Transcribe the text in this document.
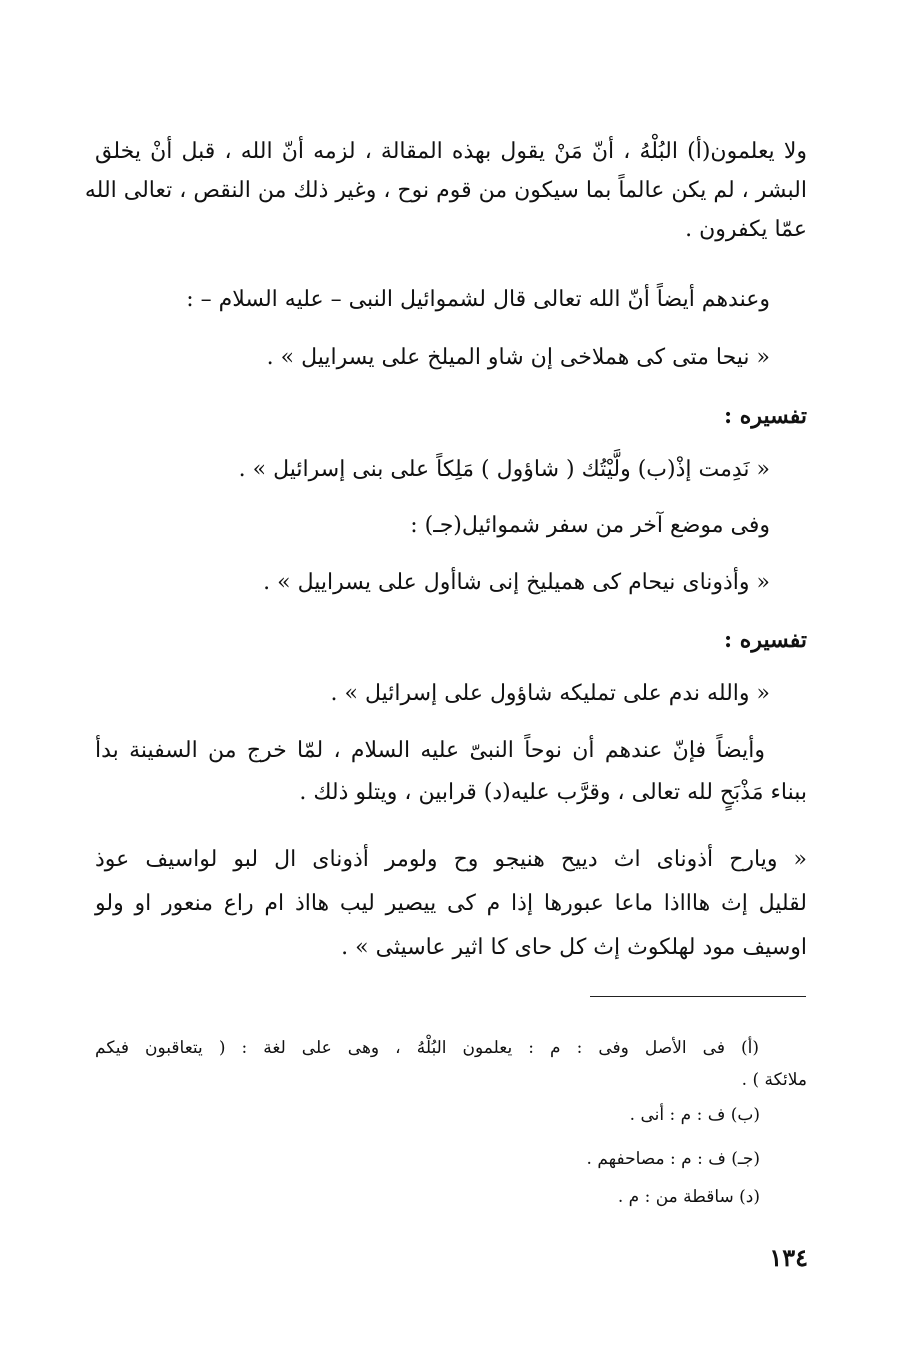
ولا يعلمون(أ) البُلْهُ ، أنّ مَنْ يقول بهذه المقالة ، لزمه أنّ الله ، قبل أنْ يخلق
البشر ، لم يكن عالماً بما سيكون من قوم نوح ، وغير ذلك من النقص ، تعالى الله
عمّا يكفرون .
وعندهم أيضاً أنّ الله تعالى قال لشموائيل النبى – عليه السلام – :
« نيحا متى كى هملاخى إن شاو الميلخ على يسراييل » .
تفسيره :
« نَدِمت إذْ(ب) ولَّيْتُك ( شاؤول ) مَلِكاً على بنى إسرائيل » .
وفى موضع آخر من سفر شموائيل(جـ) :
« وأذوناى نيحام كى هميليخ إنى شاأول على يسراييل » .
تفسيره :
« والله ندم على تمليكه شاؤول على إسرائيل » .
وأيضاً فإنّ عندهم أن نوحاً النبىّ عليه السلام ، لمّا خرج من السفينة بدأ
ببناء مَذْبَحٍ لله تعالى ، وقرَّب عليه(د) قرابين ، ويتلو ذلك .
« ويارح أذوناى اث دييح هنيجو وح ولومر أذوناى ال لبو لواسيف عوذ
لقليل إث هاااذا ماعا عبورها إذا م كى ييصير ليب هااذ ام راع منعور او ولو
اوسيف مود لهلكوث إث كل حاى كا اثير عاسيثى » .
(أ) فى الأصل وفى : م : يعلمون البُلْهُ ، وهى على لغة : ( يتعاقبون فيكم
ملائكة ) .
(ب) ف : م : أنى .
(جـ) ف : م : مصاحفهم .
(د) ساقطة من : م .
١٣٤
